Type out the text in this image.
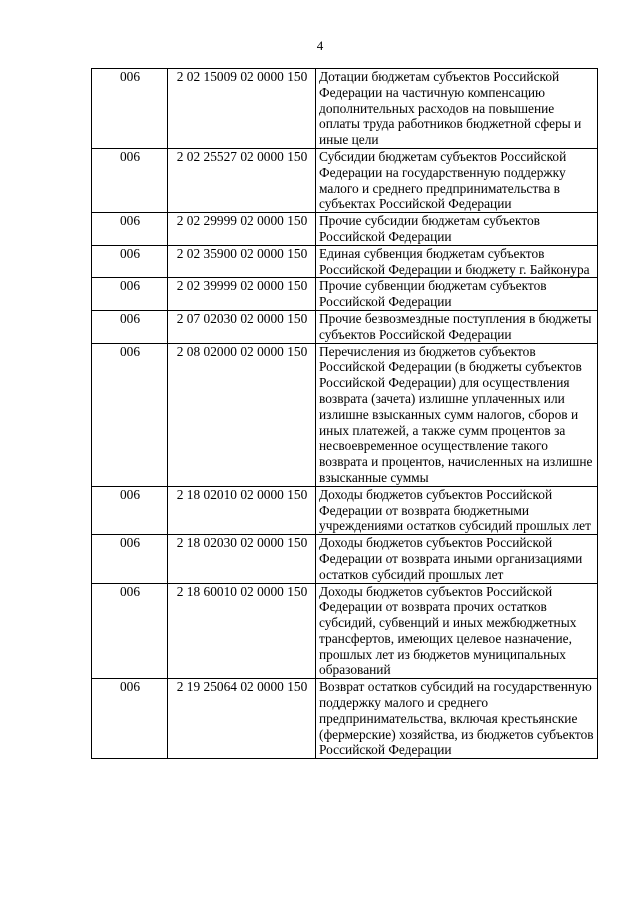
4
006	2 02 15009 02 0000 150	Дотации бюджетам субъектов Российской Федерации на частичную компенсацию дополнительных расходов на повышение оплаты труда работников бюджетной сферы и иные цели
006	2 02 25527 02 0000 150	Субсидии бюджетам субъектов Российской Федерации на государственную поддержку малого и среднего предпринимательства в субъектах Российской Федерации
006	2 02 29999 02 0000 150	Прочие субсидии бюджетам субъектов Российской Федерации
006	2 02 35900 02 0000 150	Единая субвенция бюджетам субъектов Российской Федерации и бюджету г. Байконура
006	2 02 39999 02 0000 150	Прочие субвенции бюджетам субъектов Российской Федерации
006	2 07 02030 02 0000 150	Прочие безвозмездные поступления в бюджеты субъектов Российской Федерации
006	2 08 02000 02 0000 150	Перечисления из бюджетов субъектов Российской Федерации (в бюджеты субъектов Российской Федерации) для осуществления возврата (зачета) излишне уплаченных или излишне взысканных сумм налогов, сборов и иных платежей, а также сумм процентов за несвоевременное осуществление такого возврата и процентов, начисленных на излишне взысканные суммы
006	2 18 02010 02 0000 150	Доходы бюджетов субъектов Российской Федерации от возврата бюджетными учреждениями остатков субсидий прошлых лет
006	2 18 02030 02 0000 150	Доходы бюджетов субъектов Российской Федерации от возврата иными организациями остатков субсидий прошлых лет
006	2 18 60010 02 0000 150	Доходы бюджетов субъектов Российской Федерации от возврата прочих остатков субсидий, субвенций и иных межбюджетных трансфертов, имеющих целевое назначение, прошлых лет из бюджетов муниципальных образований
006	2 19 25064 02 0000 150	Возврат остатков субсидий на государственную поддержку малого и среднего предпринимательства, включая крестьянские (фермерские) хозяйства, из бюджетов субъектов Российской Федерации
